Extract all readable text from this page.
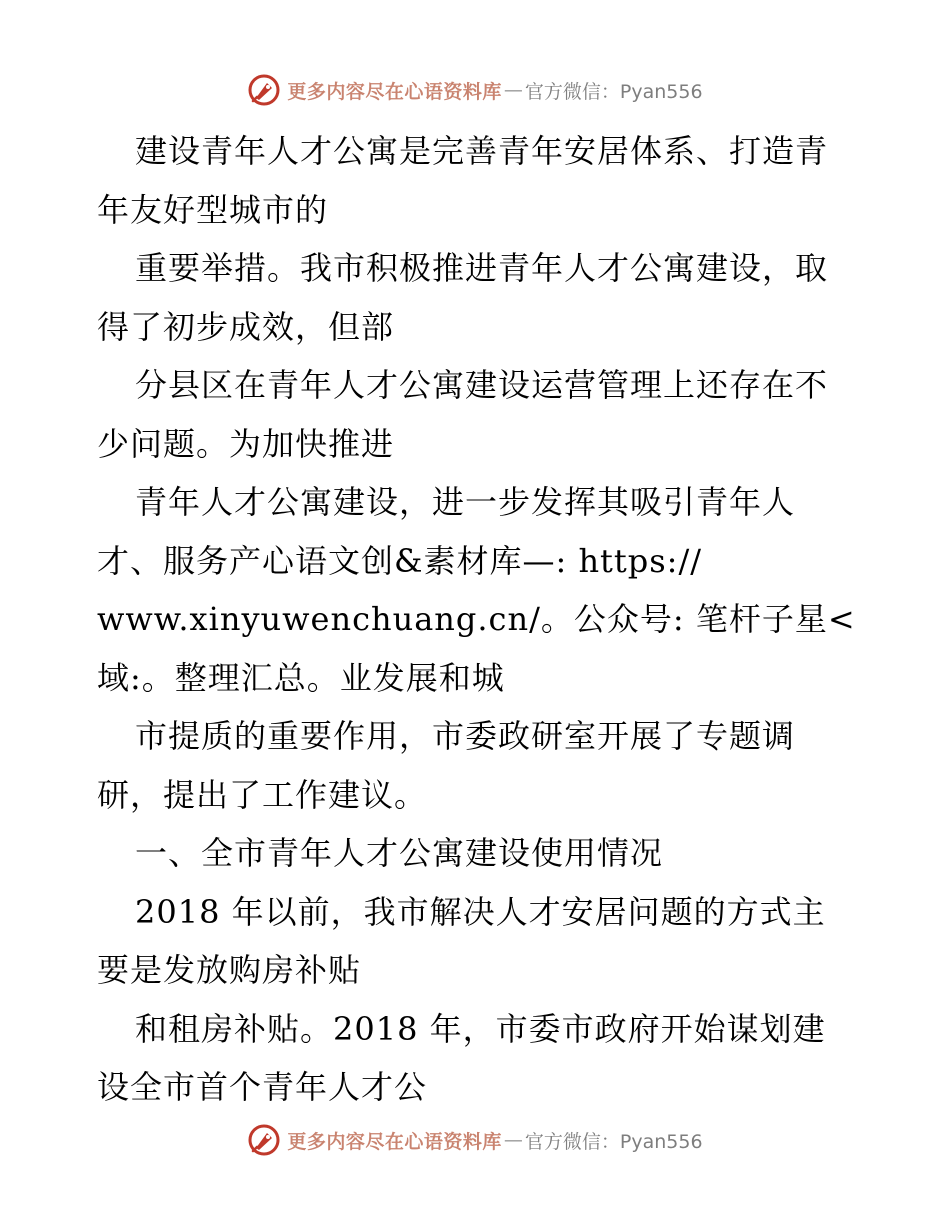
更多内容尽在心语资料库 — 官方微信：Pyan556
建设青年人才公寓是完善青年安居体系、打造青
年友好型城市的
重要举措。我市积极推进青年人才公寓建设，取
得了初步成效，但部
分县区在青年人才公寓建设运营管理上还存在不
少问题。为加快推进
青年人才公寓建设，进一步发挥其吸引青年人
才、服务产心语文创&素材库—: https://
www.xinyuwenchuang.cn/。公众号: 笔杆子星<
域:。整理汇总。业发展和城
市提质的重要作用，市委政研室开展了专题调
研，提出了工作建议。
一、全市青年人才公寓建设使用情况
2018 年以前，我市解决人才安居问题的方式主
要是发放购房补贴
和租房补贴。2018 年，市委市政府开始谋划建
设全市首个青年人才公
更多内容尽在心语资料库 — 官方微信：Pyan556
